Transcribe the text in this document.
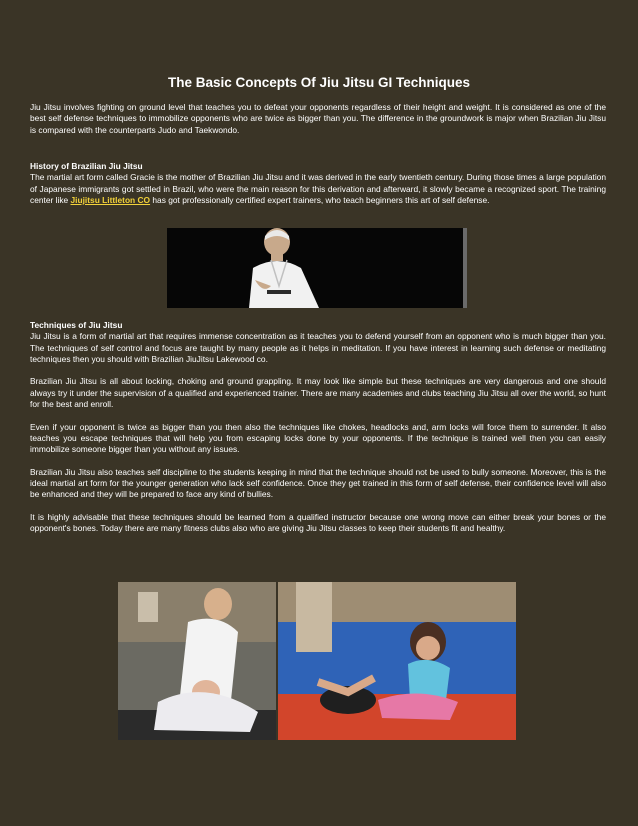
The Basic Concepts Of Jiu Jitsu GI Techniques

Jiu Jitsu involves fighting on ground level that teaches you to defeat your opponents regardless of their height and weight. It is considered as one of the best self defense techniques to immobilize opponents who are twice as bigger than you. The difference in the groundwork is major when Brazilian Jiu Jitsu is compared with the counterparts Judo and Taekwondo.

History of Brazilian Jiu Jitsu

The martial art form called Gracie is the mother of Brazilian Jiu Jitsu and it was derived in the early twentieth century. During those times a large population of Japanese immigrants got settled in Brazil, who were the main reason for this derivation and afterward, it slowly became a recognized sport. The training center like Jiujitsu Littleton CO has got professionally certified expert trainers, who teach beginners this art of self defense.

Techniques of Jiu Jitsu

Jiu Jitsu is a form of martial art that requires immense concentration as it teaches you to defend yourself from an opponent who is much bigger than you. The techniques of self control and focus are taught by many people as it helps in meditation. If you have interest in learning such defense or meditating techniques then you should with Brazilian JiuJitsu Lakewood co.

Brazilian Jiu Jitsu is all about locking, choking and ground grappling. It may look like simple but these techniques are very dangerous and one should always try it under the supervision of a qualified and experienced trainer. There are many academies and clubs teaching Jiu Jitsu all over the world, so hunt for the best and enroll.

Even if your opponent is twice as bigger than you then also the techniques like chokes, headlocks and, arm locks will force them to surrender. It also teaches you escape techniques that will help you from escaping locks done by your opponents. If the technique is trained well then you can easily immobilize someone bigger than you without any issues.

Brazilian Jiu Jitsu also teaches self discipline to the students keeping in mind that the technique should not be used to bully someone. Moreover, this is the ideal martial art form for the younger generation who lack self confidence. Once they get trained in this form of self defense, their confidence level will also be enhanced and they will be prepared to face any kind of bullies.

It is highly advisable that these techniques should be learned from a qualified instructor because one wrong move can either break your bones or the opponent's bones. Today there are many fitness clubs also who are giving Jiu Jitsu classes to keep their students fit and healthy.
